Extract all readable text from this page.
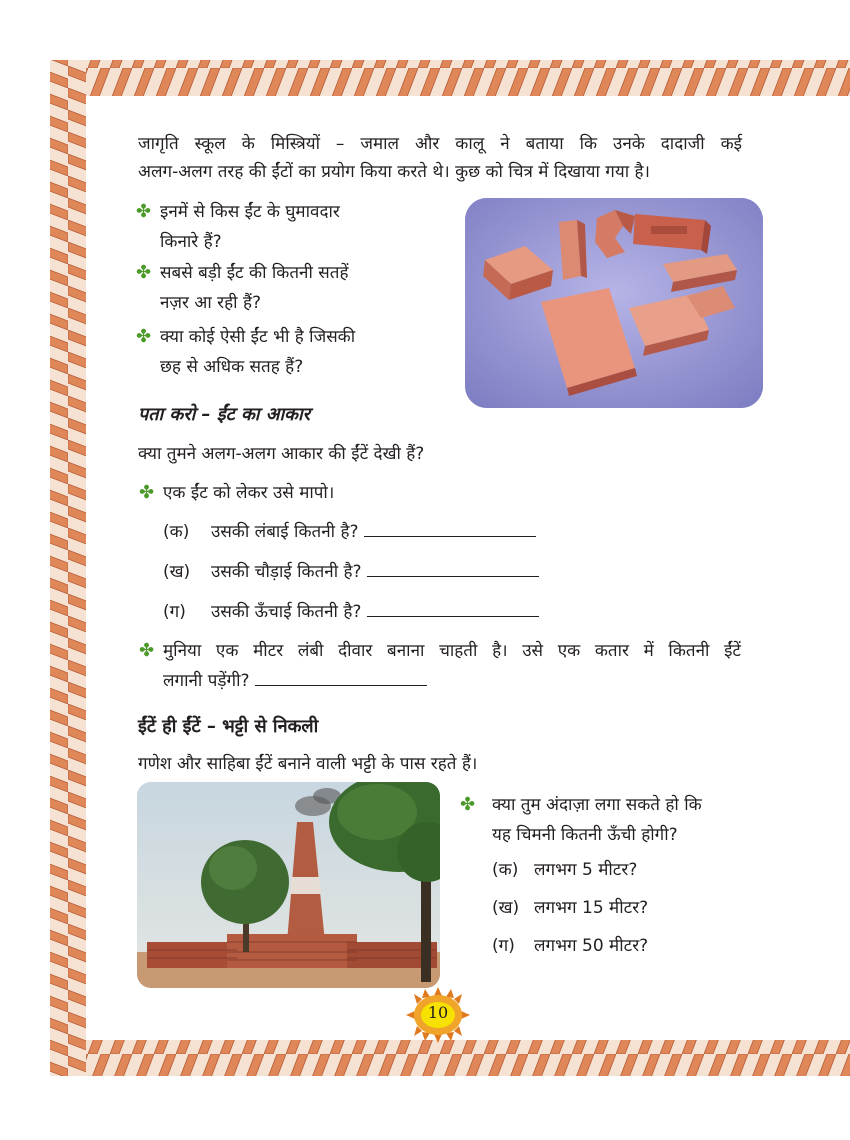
जागृति स्कूल के मिस्त्रियों – जमाल और कालू ने बताया कि उनके दादाजी कई
अलग-अलग तरह की ईंटों का प्रयोग किया करते थे। कुछ को चित्र में दिखाया गया है।
✤ इनमें से किस ईंट के घुमावदार
किनारे हैं?
✤ सबसे बड़ी ईंट की कितनी सतहें
नज़र आ रही हैं?
✤ क्या कोई ऐसी ईंट भी है जिसकी
छह से अधिक सतह हैं?
पता करो – ईंट का आकार
क्या तुमने अलग-अलग आकार की ईंटें देखी हैं?
✤ एक ईंट को लेकर उसे मापो।
(क) उसकी लंबाई कितनी है?
(ख) उसकी चौड़ाई कितनी है?
(ग) उसकी ऊँचाई कितनी है?
✤ मुनिया एक मीटर लंबी दीवार बनाना चाहती है। उसे एक कतार में कितनी ईंटें
लगानी पड़ेंगी?
ईंटें ही ईंटें – भट्टी से निकली
गणेश और साहिबा ईंटें बनाने वाली भट्टी के पास रहते हैं।
✤ क्या तुम अंदाज़ा लगा सकते हो कि
यह चिमनी कितनी ऊँची होगी?
(क) लगभग 5 मीटर?
(ख) लगभग 15 मीटर?
(ग) लगभग 50 मीटर?
10
